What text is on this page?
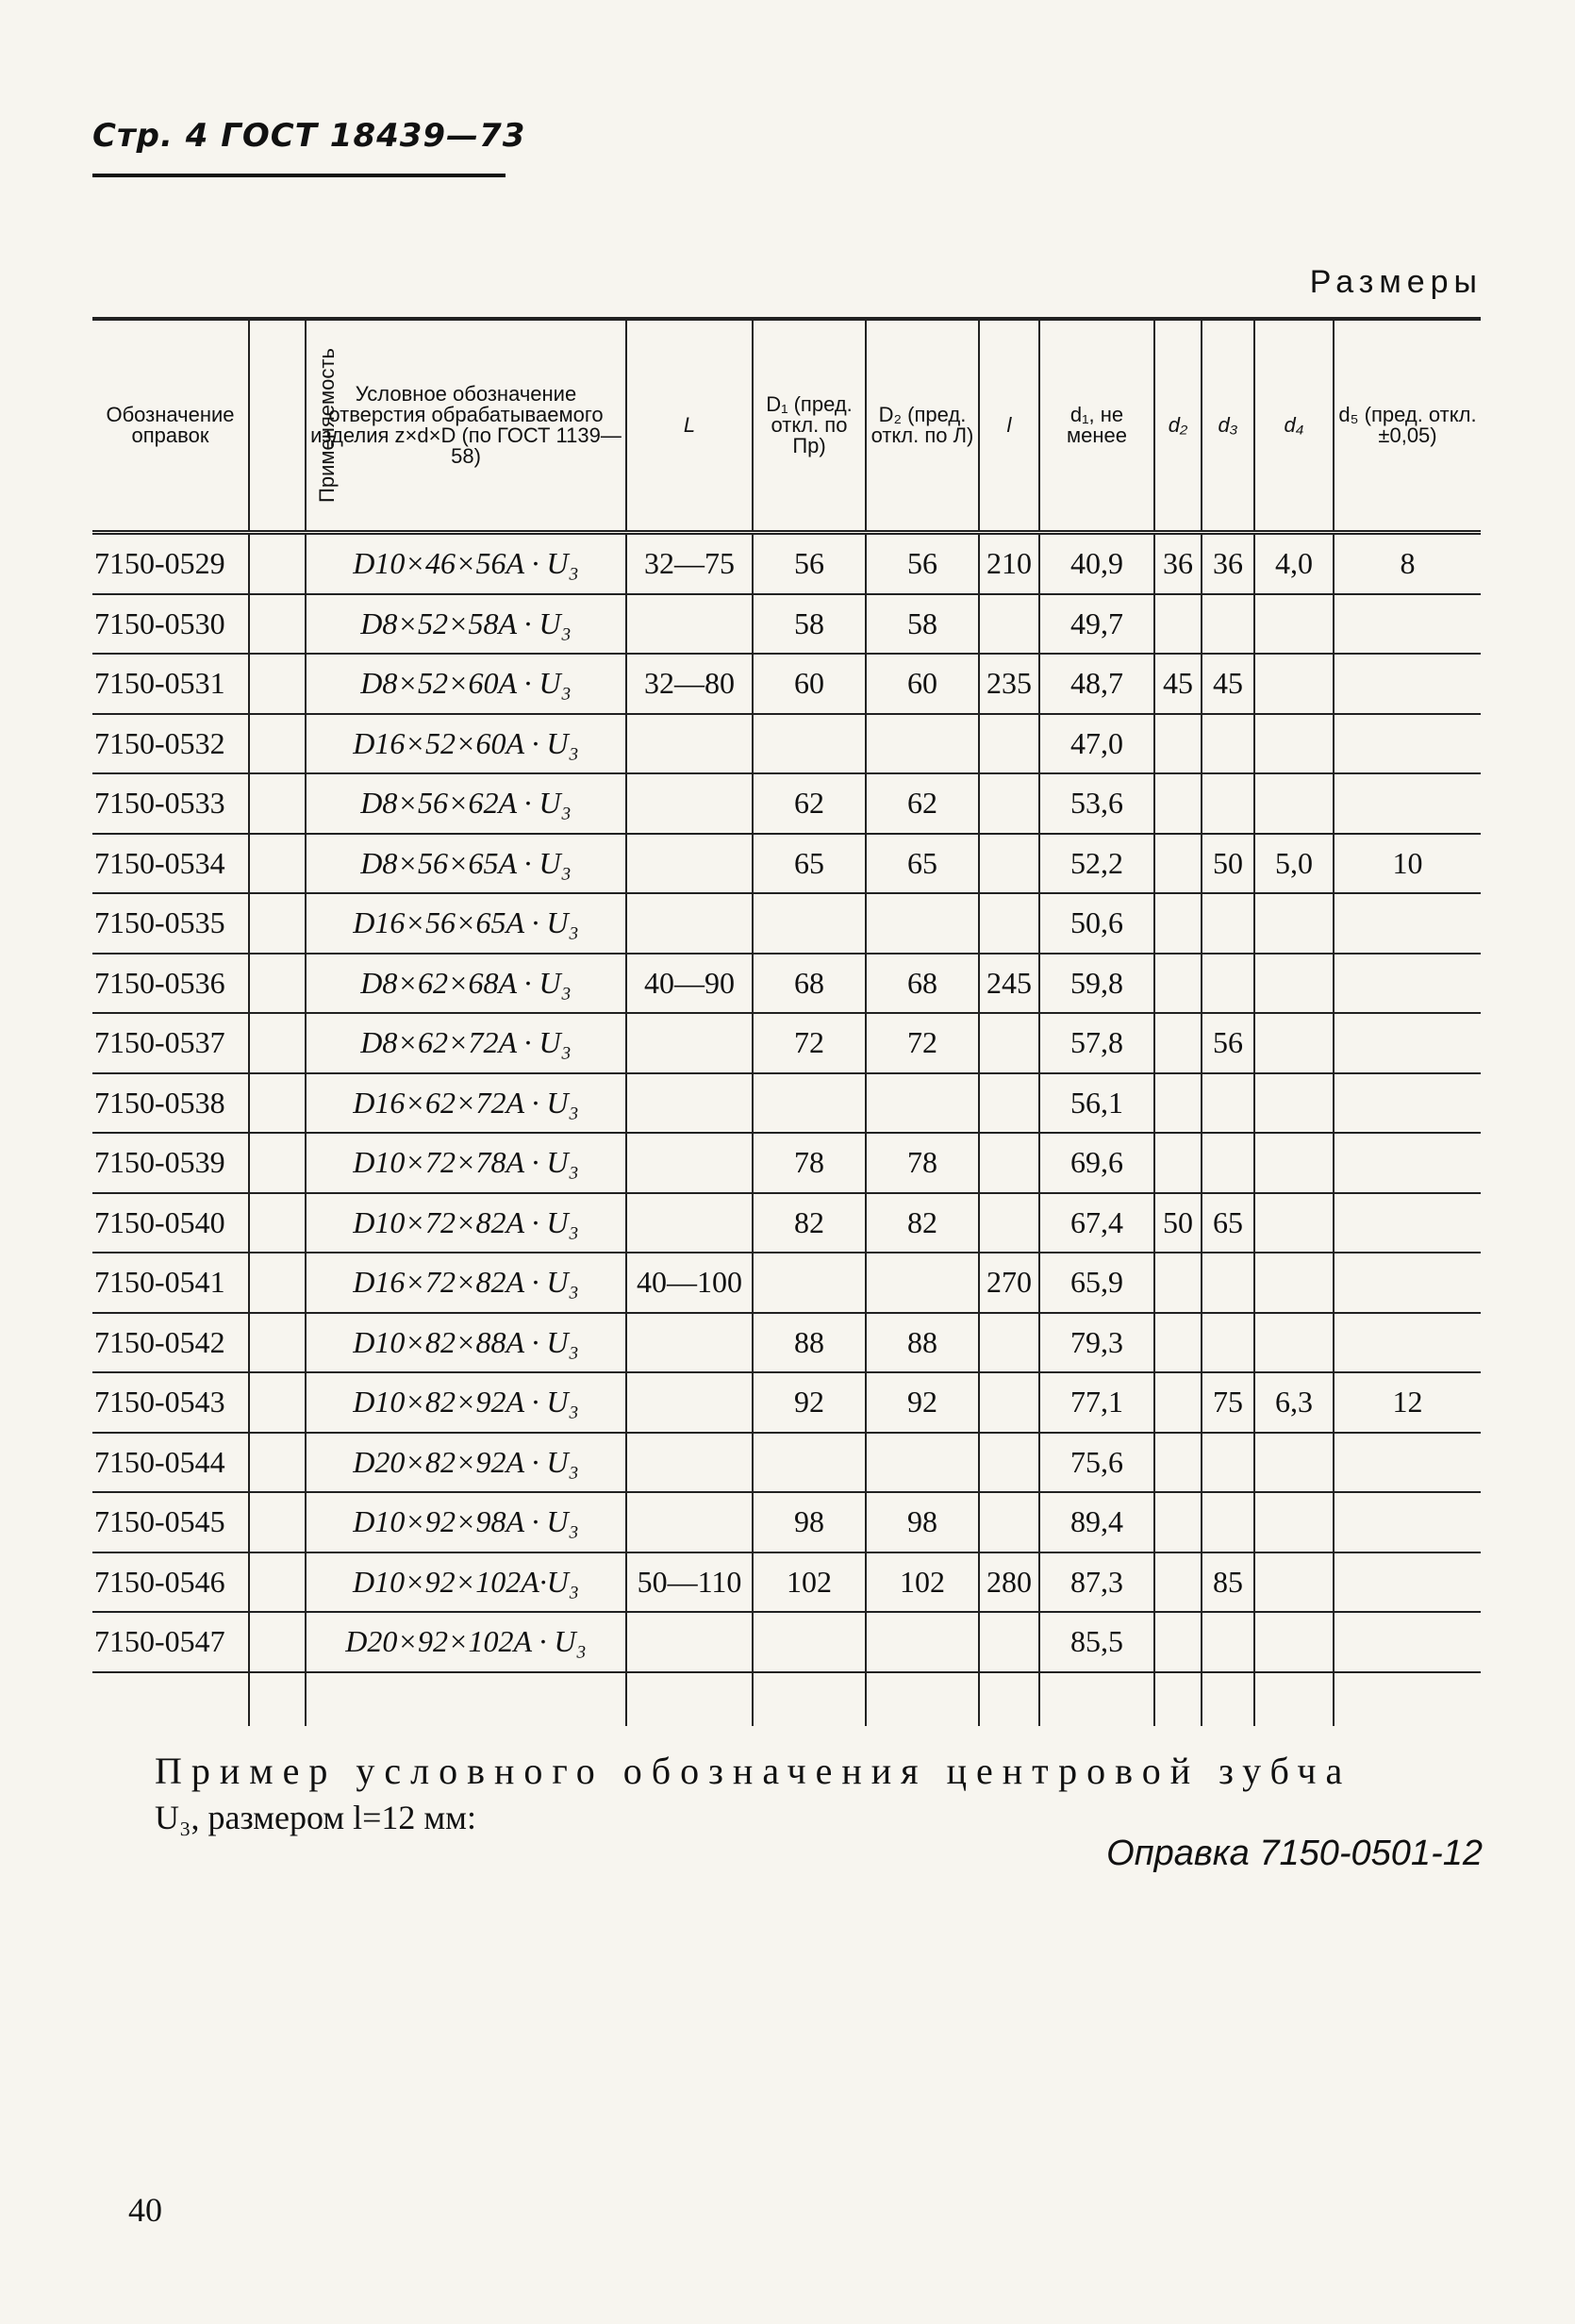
Стр. 4 ГОСТ 18439—73
Размеры
Обозначение оправок	Применяемость	Условное обозначение отверстия обрабатываемого изделия z×d×D (по ГОСТ 1139—58)	L	D₁ (пред. откл. по Пр)	D₂ (пред. откл. по Л)	l	d₁, не менее	d₂	d₃	d₄	d₅ (пред. откл. ±0,05)
7150-0529		D10×46×56A · U₃	32—75	56	56	210	40,9	36	36	4,0	8
7150-0530		D8×52×58A · U₃		58	58		49,7				
7150-0531		D8×52×60A · U₃	32—80	60	60	235	48,7	45	45		
7150-0532		D16×52×60A · U₃					47,0				
7150-0533		D8×56×62A · U₃		62	62		53,6				
7150-0534		D8×56×65A · U₃		65	65		52,2		50	5,0	10
7150-0535		D16×56×65A · U₃					50,6				
7150-0536		D8×62×68A · U₃	40—90	68	68	245	59,8				
7150-0537		D8×62×72A · U₃		72	72		57,8		56		
7150-0538		D16×62×72A · U₃					56,1				
7150-0539		D10×72×78A · U₃		78	78		69,6				
7150-0540		D10×72×82A · U₃		82	82		67,4	50	65		
7150-0541		D16×72×82A · U₃	40—100			270	65,9				
7150-0542		D10×82×88A · U₃		88	88		79,3				
7150-0543		D10×82×92A · U₃		92	92		77,1		75	6,3	12
7150-0544		D20×82×92A · U₃					75,6				
7150-0545		D10×92×98A · U₃		98	98		89,4				
7150-0546		D10×92×102A·U₃	50—110	102	102	280	87,3		85		
7150-0547		D20×92×102A · U₃					85,5				

Пример условного обозначения центровой зубча
U₃, размером l=12 мм:
Оправка 7150-0501-12
40
